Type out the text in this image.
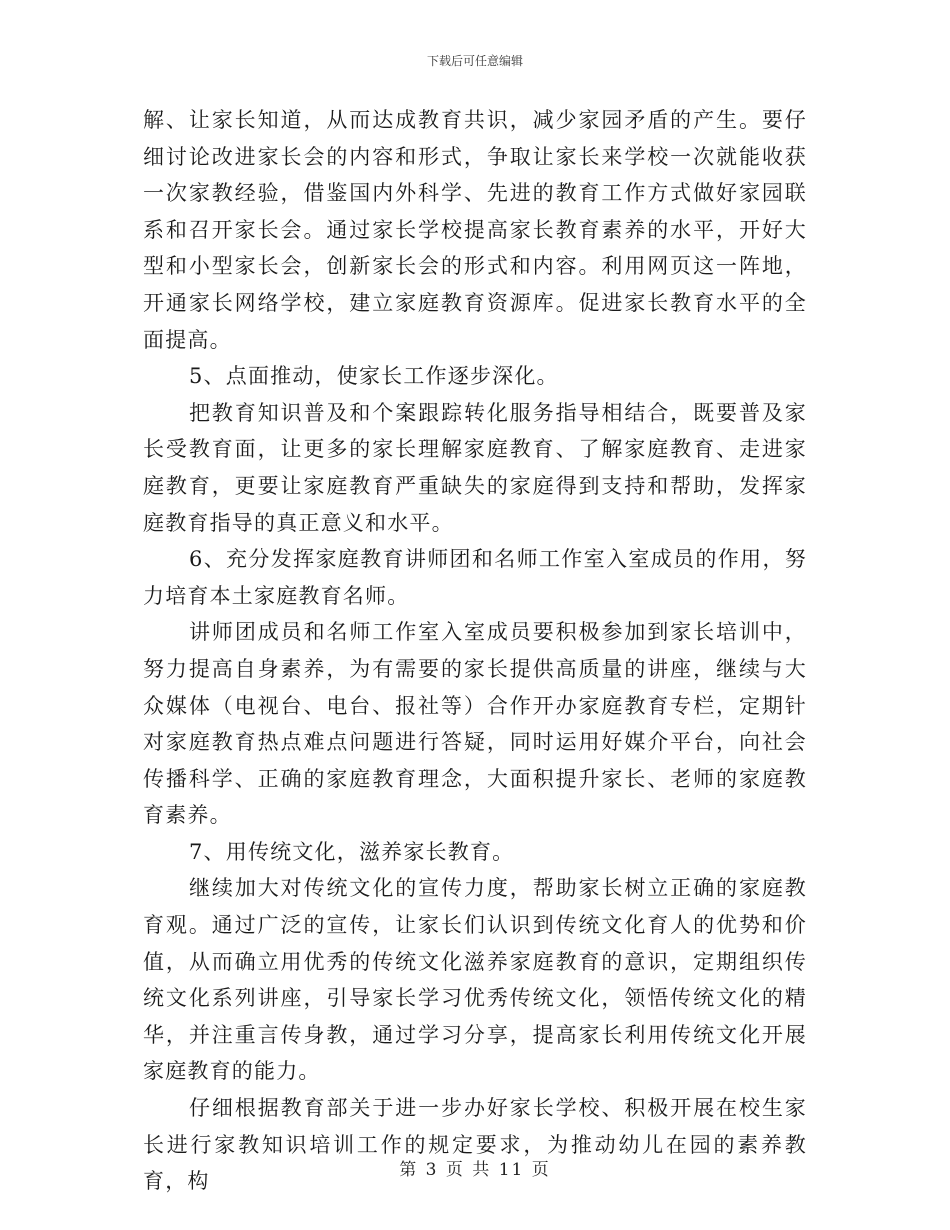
下载后可任意编辑

解、让家长知道，从而达成教育共识，减少家园矛盾的产生。要仔细讨论改进家长会的内容和形式，争取让家长来学校一次就能收获一次家教经验，借鉴国内外科学、先进的教育工作方式做好家园联系和召开家长会。通过家长学校提高家长教育素养的水平，开好大型和小型家长会，创新家长会的形式和内容。利用网页这一阵地，开通家长网络学校，建立家庭教育资源库。促进家长教育水平的全面提高。

5、点面推动，使家长工作逐步深化。

把教育知识普及和个案跟踪转化服务指导相结合，既要普及家长受教育面，让更多的家长理解家庭教育、了解家庭教育、走进家庭教育，更要让家庭教育严重缺失的家庭得到支持和帮助，发挥家庭教育指导的真正意义和水平。

6、充分发挥家庭教育讲师团和名师工作室入室成员的作用，努力培育本土家庭教育名师。

讲师团成员和名师工作室入室成员要积极参加到家长培训中，努力提高自身素养，为有需要的家长提供高质量的讲座，继续与大众媒体（电视台、电台、报社等）合作开办家庭教育专栏，定期针对家庭教育热点难点问题进行答疑，同时运用好媒介平台，向社会传播科学、正确的家庭教育理念，大面积提升家长、老师的家庭教育素养。

7、用传统文化，滋养家长教育。

继续加大对传统文化的宣传力度，帮助家长树立正确的家庭教育观。通过广泛的宣传，让家长们认识到传统文化育人的优势和价值，从而确立用优秀的传统文化滋养家庭教育的意识，定期组织传统文化系列讲座，引导家长学习优秀传统文化，领悟传统文化的精华，并注重言传身教，通过学习分享，提高家长利用传统文化开展家庭教育的能力。

仔细根据教育部关于进一步办好家长学校、积极开展在校生家长进行家教知识培训工作的规定要求，为推动幼儿在园的素养教育，构	第 3 页 共 11 页
